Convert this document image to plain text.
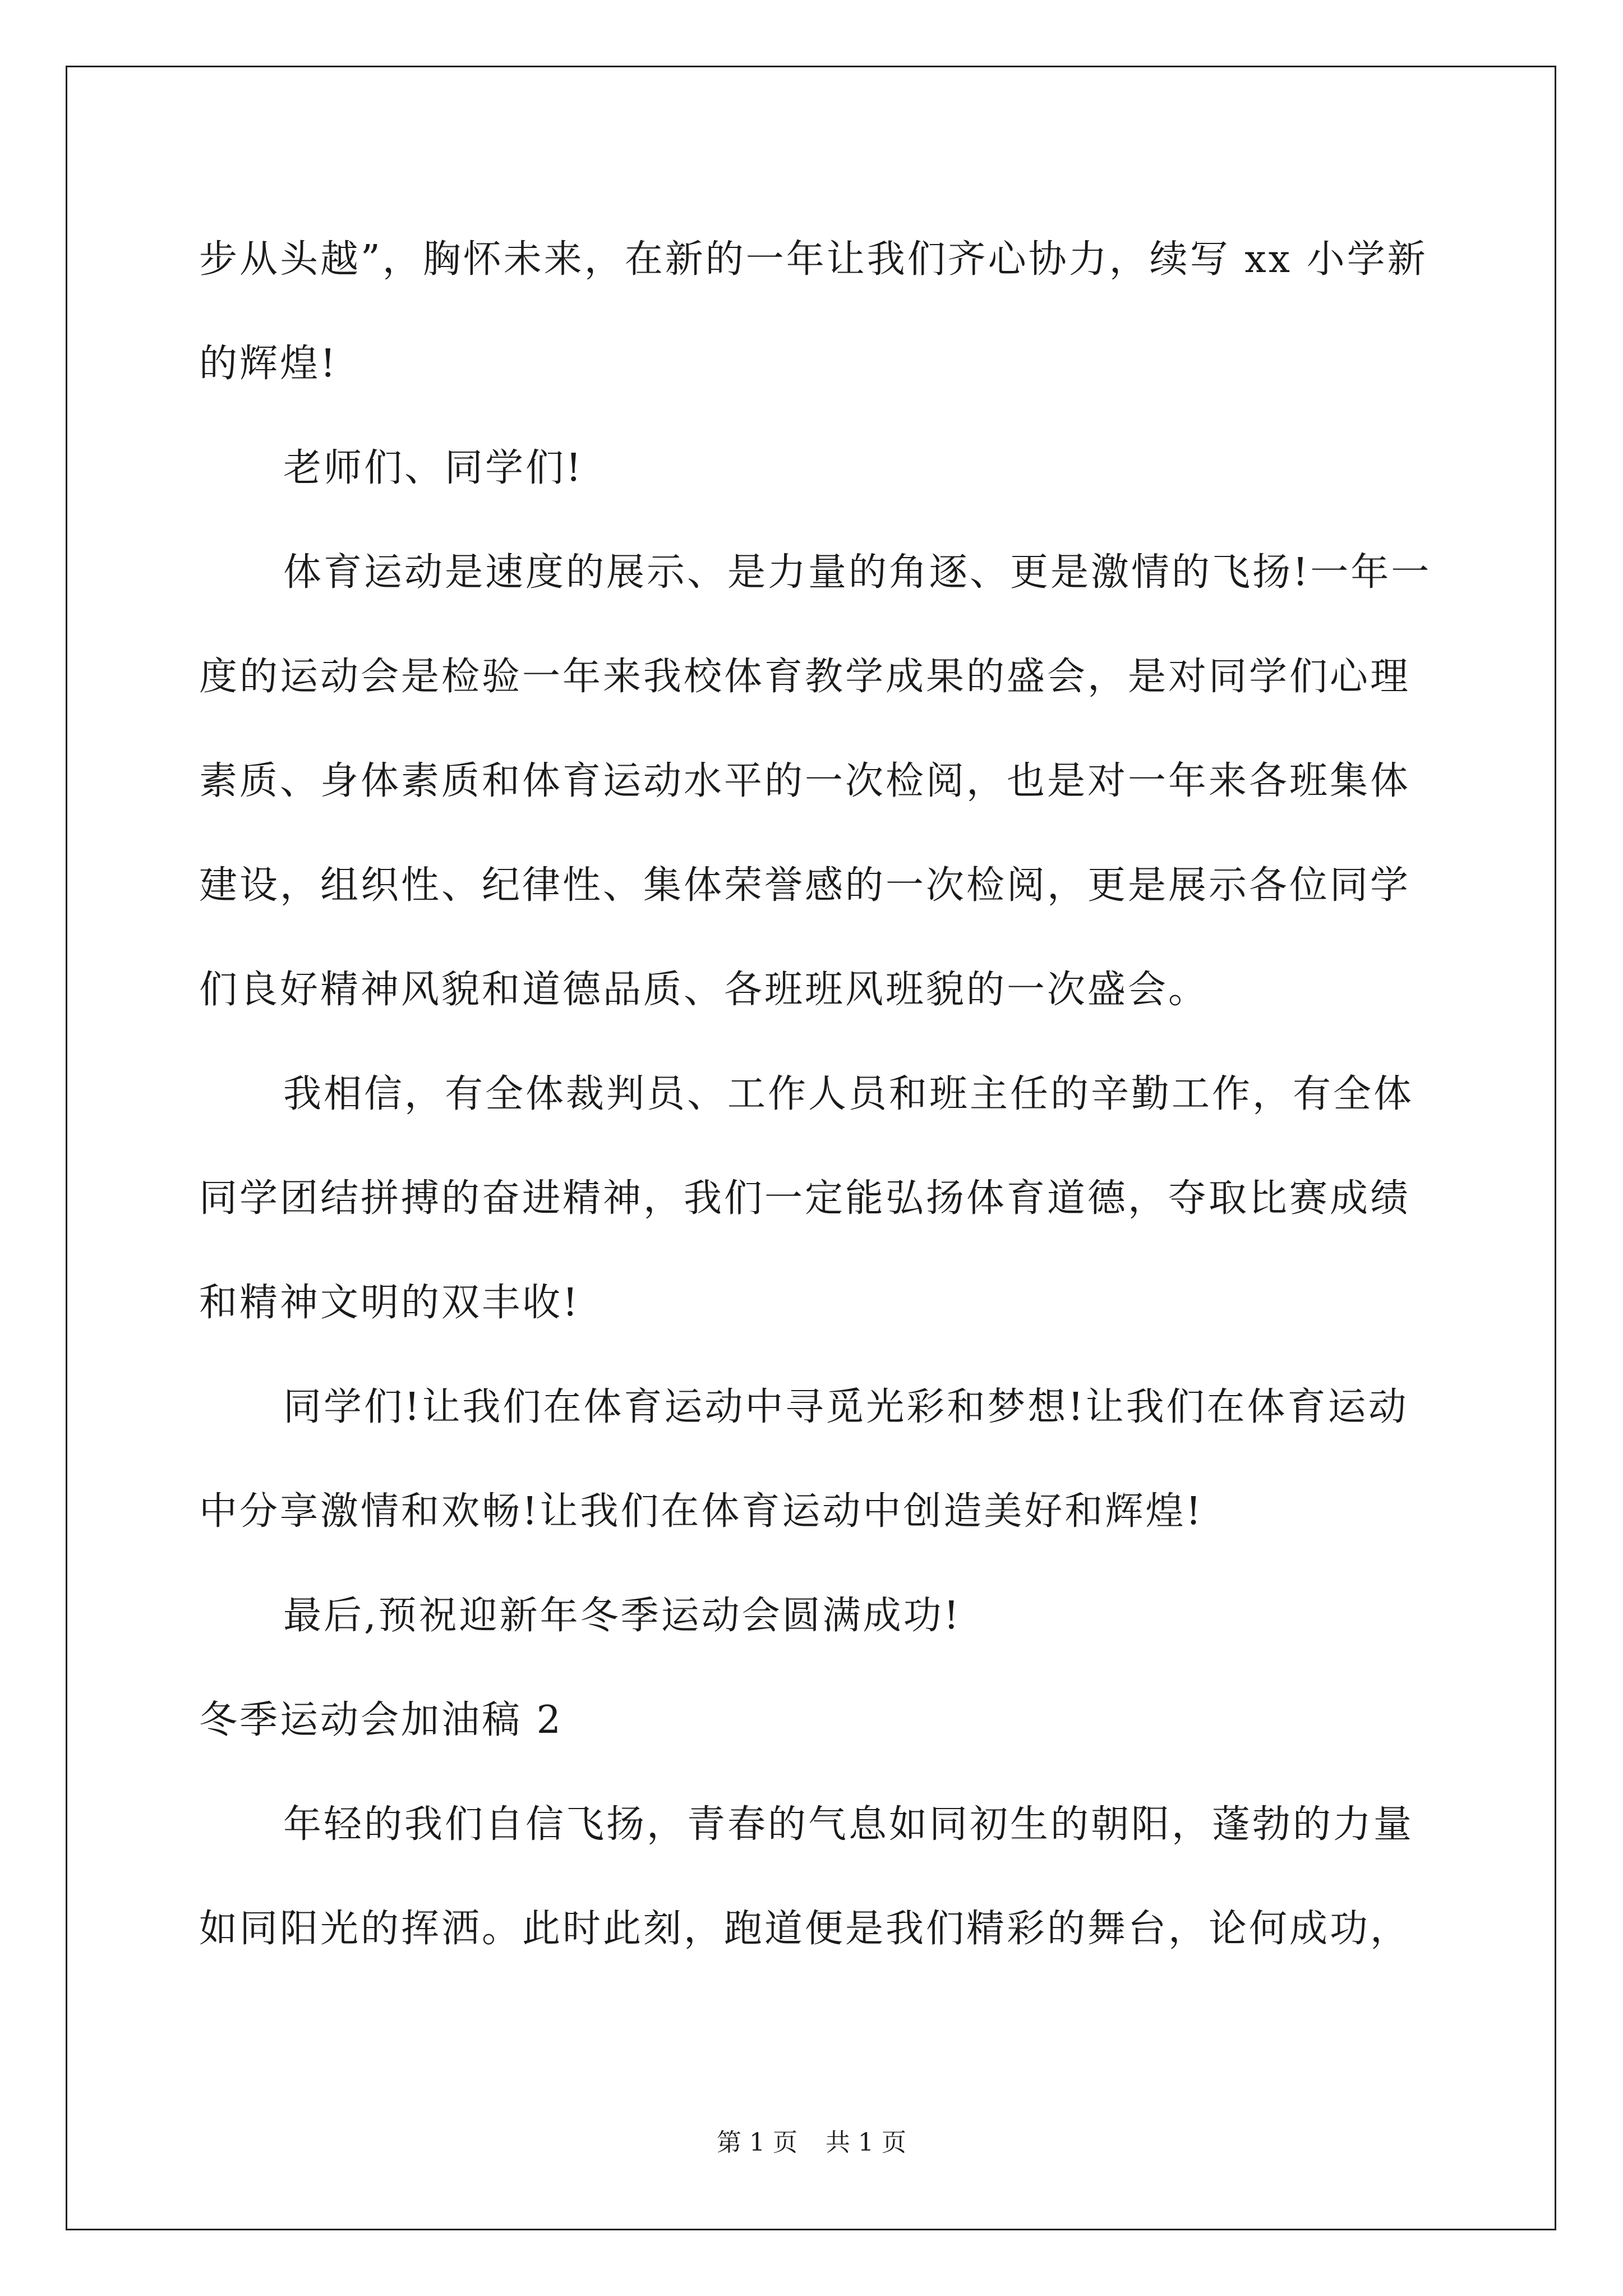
步从头越”，胸怀未来，在新的一年让我们齐心协力，续写 xx 小学新

的辉煌!

老师们、同学们!

体育运动是速度的展示、是力量的角逐、更是激情的飞扬!一年一

度的运动会是检验一年来我校体育教学成果的盛会，是对同学们心理

素质、身体素质和体育运动水平的一次检阅，也是对一年来各班集体

建设，组织性、纪律性、集体荣誉感的一次检阅，更是展示各位同学

们良好精神风貌和道德品质、各班班风班貌的一次盛会。

我相信，有全体裁判员、工作人员和班主任的辛勤工作，有全体

同学团结拼搏的奋进精神，我们一定能弘扬体育道德，夺取比赛成绩

和精神文明的双丰收!

同学们!让我们在体育运动中寻觅光彩和梦想!让我们在体育运动

中分享激情和欢畅!让我们在体育运动中创造美好和辉煌!

最后,预祝迎新年冬季运动会圆满成功!

冬季运动会加油稿 2

年轻的我们自信飞扬，青春的气息如同初生的朝阳，蓬勃的力量

如同阳光的挥洒。此时此刻，跑道便是我们精彩的舞台，论何成功，

第 1 页 共 1 页
